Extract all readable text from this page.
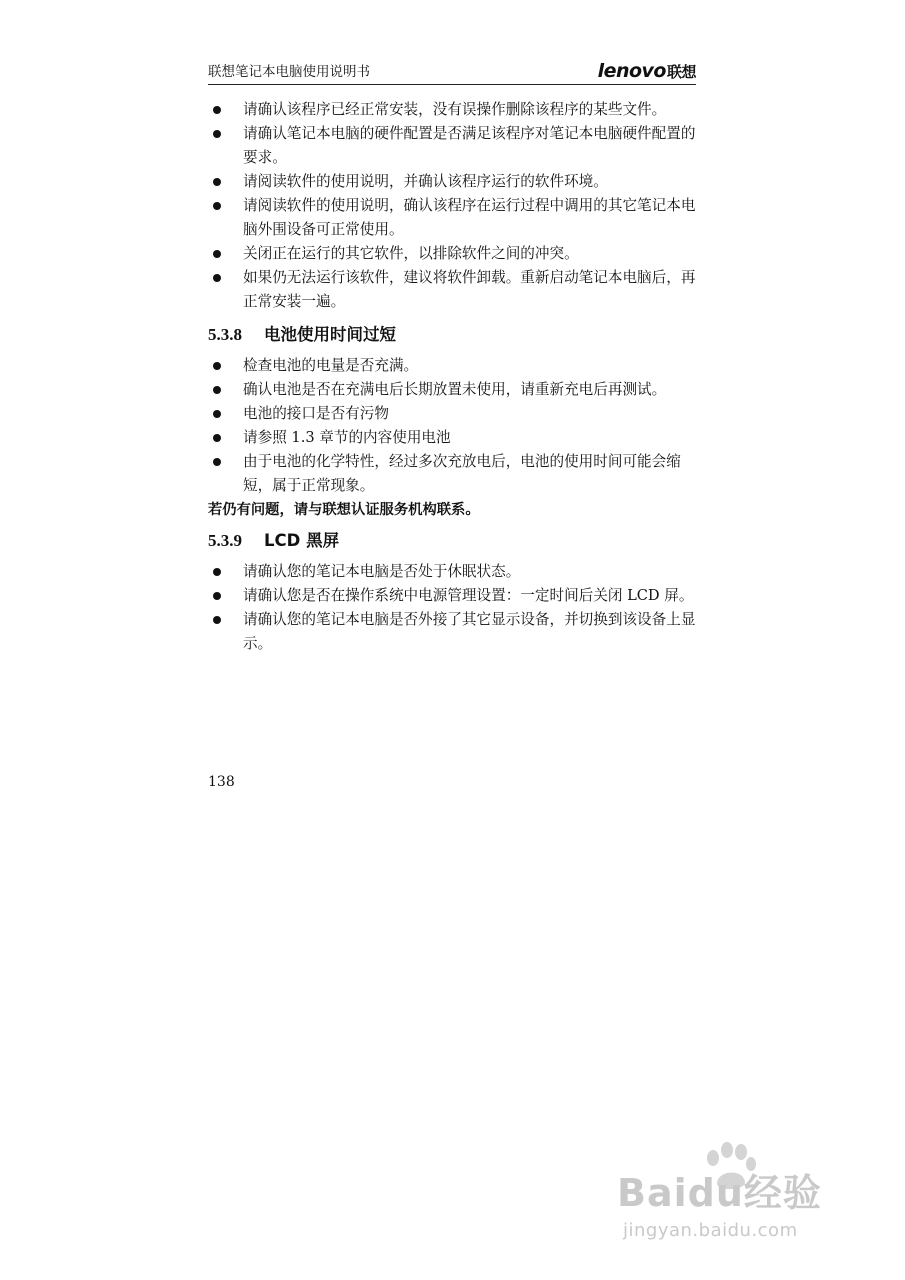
联想笔记本电脑使用说明书	lenovo联想
请确认该程序已经正常安装，没有误操作删除该程序的某些文件。
请确认笔记本电脑的硬件配置是否满足该程序对笔记本电脑硬件配置的要求。
请阅读软件的使用说明，并确认该程序运行的软件环境。
请阅读软件的使用说明，确认该程序在运行过程中调用的其它笔记本电脑外围设备可正常使用。
关闭正在运行的其它软件，以排除软件之间的冲突。
如果仍无法运行该软件，建议将软件卸载。重新启动笔记本电脑后，再正常安装一遍。
5.3.8	电池使用时间过短
检查电池的电量是否充满。
确认电池是否在充满电后长期放置未使用，请重新充电后再测试。
电池的接口是否有污物
请参照 1.3 章节的内容使用电池
由于电池的化学特性，经过多次充放电后，电池的使用时间可能会缩短，属于正常现象。
若仍有问题，请与联想认证服务机构联系。
5.3.9	LCD 黑屏
请确认您的笔记本电脑是否处于休眠状态。
请确认您是否在操作系统中电源管理设置：一定时间后关闭 LCD 屏。
请确认您的笔记本电脑是否外接了其它显示设备，并切换到该设备上显示。
138
Baidu经验
jingyan.baidu.com
